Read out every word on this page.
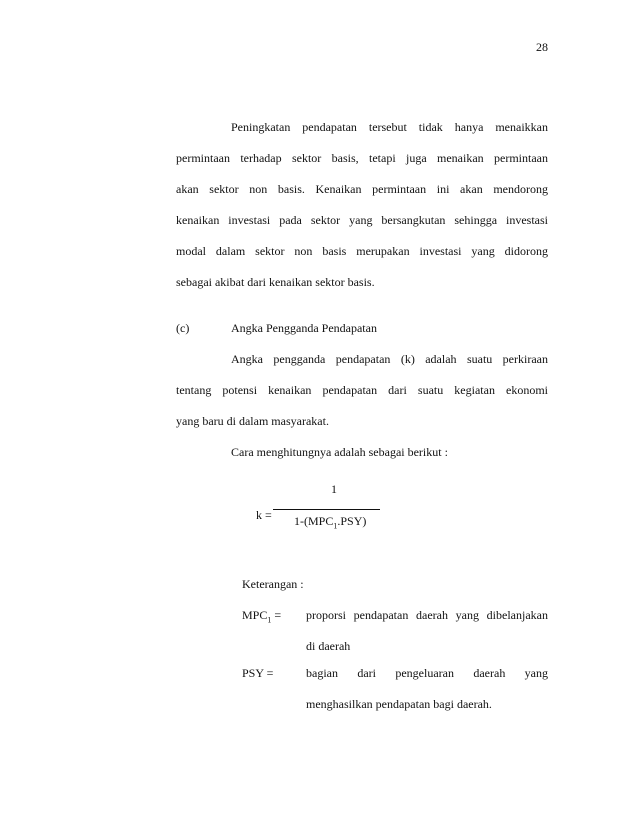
28
Peningkatan pendapatan tersebut tidak hanya menaikkan
permintaan terhadap sektor basis, tetapi juga menaikan permintaan
akan sektor non basis. Kenaikan permintaan ini akan mendorong
kenaikan investasi pada sektor yang bersangkutan sehingga investasi
modal dalam sektor non basis merupakan investasi yang didorong
sebagai akibat dari kenaikan sektor basis.
(c)	Angka Pengganda Pendapatan
Angka pengganda pendapatan (k) adalah suatu perkiraan
tentang potensi kenaikan pendapatan dari suatu kegiatan ekonomi
yang baru di dalam masyarakat.
Cara menghitungnya adalah sebagai berikut :
k =
1
$1-(MPC_1.PSY)$
Keterangan :
$MPC_1$ = proporsi pendapatan daerah yang dibelanjakan
di daerah
PSY =	bagian dari pengeluaran daerah yang
menghasilkan pendapatan bagi daerah.
